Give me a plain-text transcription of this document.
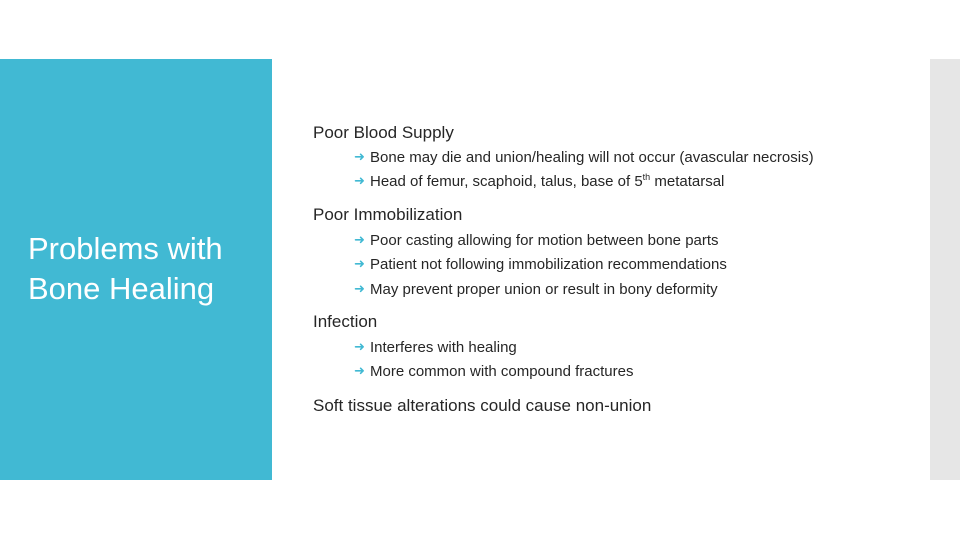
Problems with Bone Healing
Poor Blood Supply
➜ Bone may die and union/healing will not occur (avascular necrosis)
➜ Head of femur, scaphoid, talus, base of 5th metatarsal
Poor Immobilization
➜ Poor casting allowing for motion between bone parts
➜ Patient not following immobilization recommendations
➜ May prevent proper union or result in bony deformity
Infection
➜ Interferes with healing
➜ More common with compound fractures
Soft tissue alterations could cause non-union
